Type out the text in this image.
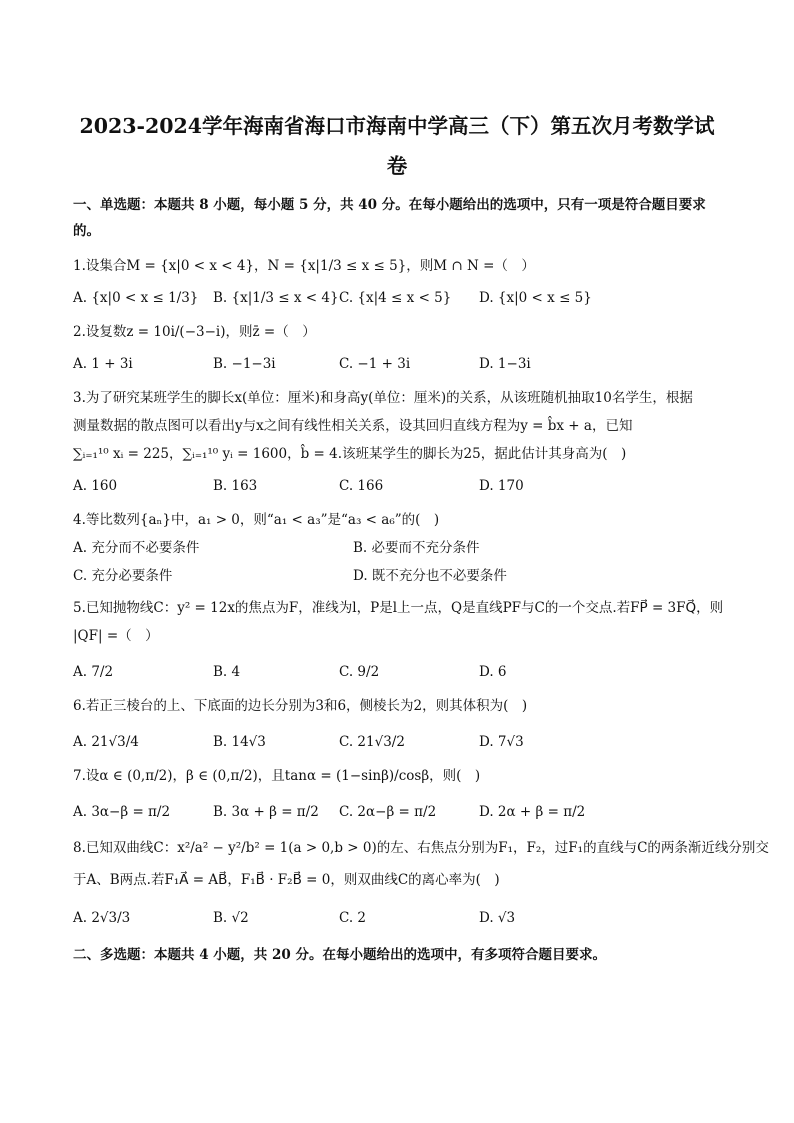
2023-2024学年海南省海口市海南中学高三（下）第五次月考数学试
卷

一、单选题：本题共 8 小题，每小题 5 分，共 40 分。在每小题给出的选项中，只有一项是符合题目要求

的。

1.设集合M = {x|0 < x < 4}，N = {x|1/3 ≤ x ≤ 5}，则M ∩ N =（　）

A. {x|0 < x ≤ 1/3}	B. {x|1/3 ≤ x < 4} C. {x|4 ≤ x < 5}	D. {x|0 < x ≤ 5}

2.设复数z = 10i/(−3−i)，则z̄ =（　）

A. 1 + 3i	B. −1−3i	C. −1 + 3i	D. 1−3i

3.为了研究某班学生的脚长x(单位：厘米)和身高y(单位：厘米)的关系，从该班随机抽取10名学生，根据

测量数据的散点图可以看出y与x之间有线性相关关系，设其回归直线方程为y = b̂x + a，已知

∑ᵢ₌₁¹⁰ xᵢ = 225，∑ᵢ₌₁¹⁰ yᵢ = 1600，b̂ = 4.该班某学生的脚长为25，据此估计其身高为(　)

A. 160	B. 163	C. 166	D. 170

4.等比数列{aₙ}中，a₁ > 0，则“a₁ < a₃”是“a₃ < a₆”的(　)

A. 充分而不必要条件	B. 必要而不充分条件
C. 充分必要条件	D. 既不充分也不必要条件

5.已知抛物线C：y² = 12x的焦点为F，准线为l，P是l上一点，Q是直线PF与C的一个交点.若FP⃗ = 3FQ⃗，则

|QF| =（　）

A. 7/2	B. 4	C. 9/2	D. 6

6.若正三棱台的上、下底面的边长分别为3和6，侧棱长为2，则其体积为(　)

A. 21√3/4	B. 14√3	C. 21√3/2	D. 7√3

7.设α ∈ (0,π/2)，β ∈ (0,π/2)，且tanα = (1−sinβ)/cosβ，则(　)

A. 3α−β = π/2	B. 3α + β = π/2	C. 2α−β = π/2	D. 2α + β = π/2

8.已知双曲线C：x²/a² − y²/b² = 1(a > 0,b > 0)的左、右焦点分别为F₁，F₂，过F₁的直线与C的两条渐近线分别交

于A、B两点.若F₁A⃗ = AB⃗，F₁B⃗ · F₂B⃗ = 0，则双曲线C的离心率为(　)

A. 2√3/3	B. √2	C. 2	D. √3

二、多选题：本题共 4 小题，共 20 分。在每小题给出的选项中，有多项符合题目要求。
